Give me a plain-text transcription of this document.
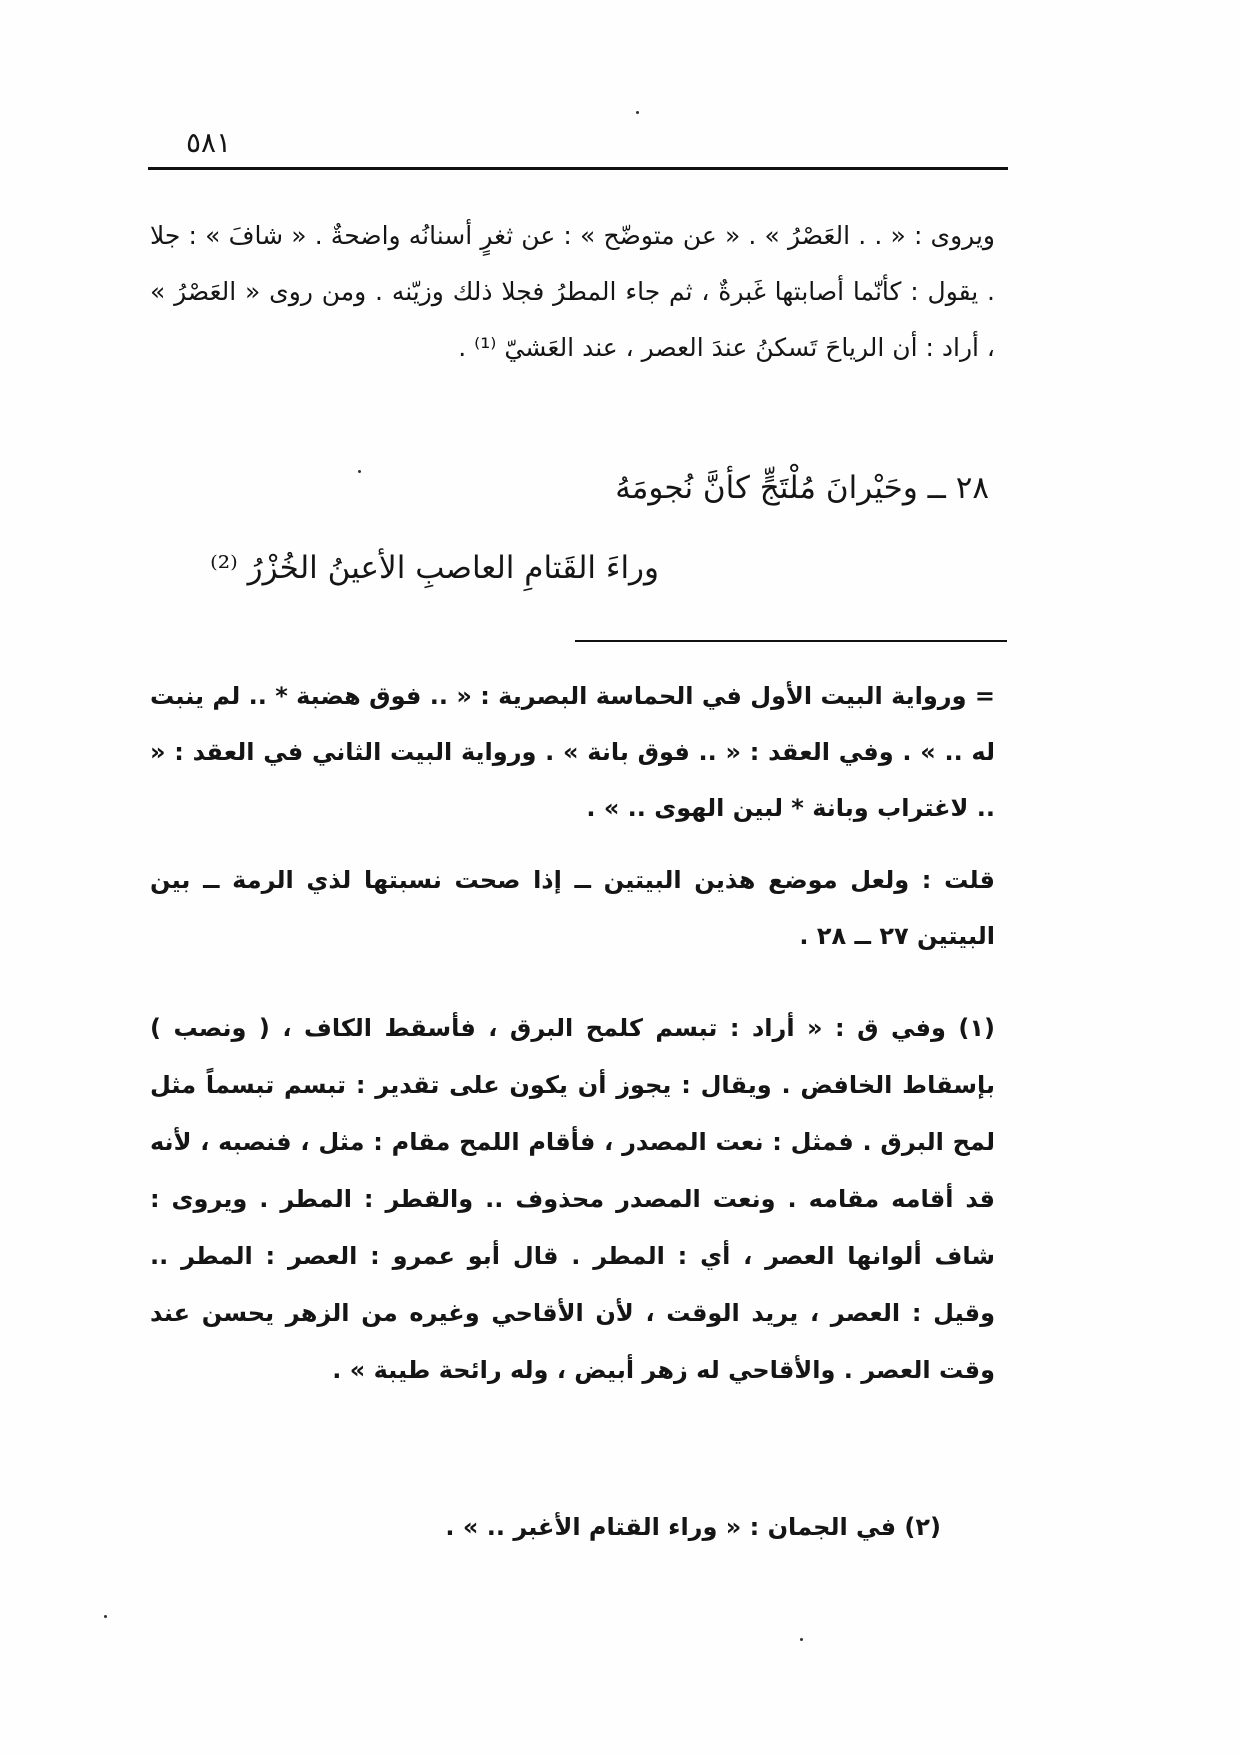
٥٨١

ويروى : « . . العَصْرُ » . « عن متوضّح » : عن ثغرٍ أسنانُه واضحةٌ . « شافَ » : جلا . يقول : كأنّما أصابتها غَبرةٌ ، ثم جاء المطرُ فجلا ذلك وزيّنه . ومن روى « العَصْرُ » ، أراد : أن الرياحَ تَسكنُ عندَ العصر ، عند العَشيّ ⁽¹⁾ .

٢٨ ــ وحَيْرانَ مُلْتَجٍّ كأنَّ نُجومَهُ
وراءَ القَتامِ العاصبِ الأعينُ الخُزْرُ ⁽²⁾

= ورواية البيت الأول في الحماسة البصرية : « .. فوق هضبة * .. لم ينبت له .. » . وفي العقد : « .. فوق بانة » . ورواية البيت الثاني في العقد : « .. لاغتراب وبانة * لبين الهوى .. » .

قلت : ولعل موضع هذين البيتين ــ إذا صحت نسبتها لذي الرمة ــ بين البيتين ٢٧ ــ ٢٨ .

(١) وفي ق : « أراد : تبسم كلمح البرق ، فأسقط الكاف ، ( ونصب ) بإسقاط الخافض . ويقال : يجوز أن يكون على تقدير : تبسم تبسماً مثل لمح البرق . فمثل : نعت المصدر ، فأقام اللمح مقام : مثل ، فنصبه ، لأنه قد أقامه مقامه . ونعت المصدر محذوف .. والقطر : المطر . ويروى : شاف ألوانها العصر ، أي : المطر . قال أبو عمرو : العصر : المطر .. وقيل : العصر ، يريد الوقت ، لأن الأقاحي وغيره من الزهر يحسن عند وقت العصر . والأقاحي له زهر أبيض ، وله رائحة طيبة » .

(٢) في الجمان : « وراء القتام الأغبر .. » .
